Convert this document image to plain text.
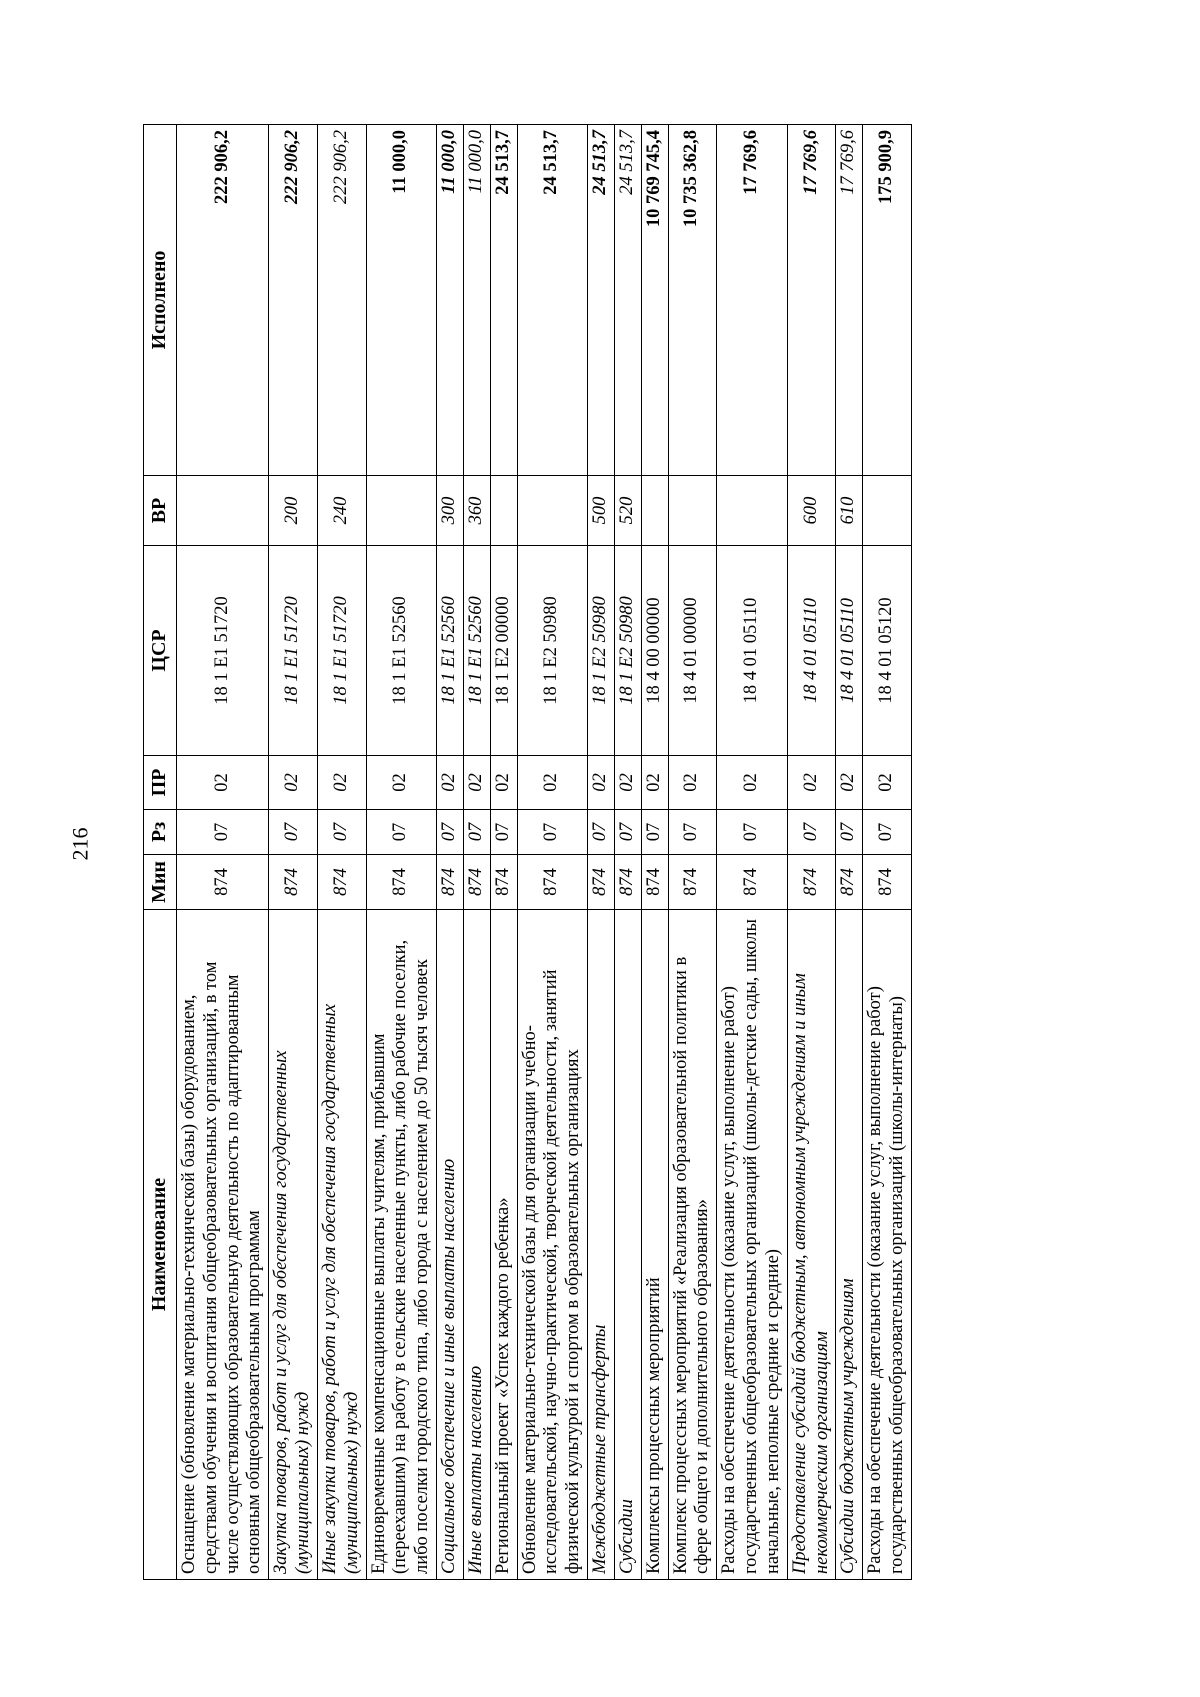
216
Наименование	Мин	Рз	ПР	ЦСР	ВР	Исполнено
Оснащение (обновление материально-технической базы) оборудованием, средствами обучения и воспитания общеобразовательных организаций, в том числе осуществляющих образовательную деятельность по адаптированным основным общеобразовательным программам	874	07	02	18 1 E1 51720		222 906,2
Закупка товаров, работ и услуг для обеспечения государственных (муниципальных) нужд	874	07	02	18 1 E1 51720	200	222 906,2
Иные закупки товаров, работ и услуг для обеспечения государственных (муниципальных) нужд	874	07	02	18 1 E1 51720	240	222 906,2
Единовременные компенсационные выплаты учителям, прибывшим (переехавшим) на работу в сельские населенные пункты, либо рабочие поселки, либо поселки городского типа, либо города с населением до 50 тысяч человек	874	07	02	18 1 E1 52560		11 000,0
Социальное обеспечение и иные выплаты населению	874	07	02	18 1 E1 52560	300	11 000,0
Иные выплаты населению	874	07	02	18 1 E1 52560	360	11 000,0
Региональный проект «Успех каждого ребенка»	874	07	02	18 1 E2 00000		24 513,7
Обновление материально-технической базы для организации учебно-исследовательской, научно-практической, творческой деятельности, занятий физической культурой и спортом в образовательных организациях	874	07	02	18 1 E2 50980		24 513,7
Межбюджетные трансферты	874	07	02	18 1 E2 50980	500	24 513,7
Субсидии	874	07	02	18 1 E2 50980	520	24 513,7
Комплексы процессных мероприятий	874	07	02	18 4 00 00000		10 769 745,4
Комплекс процессных мероприятий «Реализация образовательной политики в сфере общего и дополнительного образования»	874	07	02	18 4 01 00000		10 735 362,8
Расходы на обеспечение деятельности (оказание услуг, выполнение работ) государственных общеобразовательных организаций (школы-детские сады, школы начальные, неполные средние и средние)	874	07	02	18 4 01 05110		17 769,6
Предоставление субсидий бюджетным, автономным учреждениям и иным некоммерческим организациям	874	07	02	18 4 01 05110	600	17 769,6
Субсидии бюджетным учреждениям	874	07	02	18 4 01 05110	610	17 769,6
Расходы на обеспечение деятельности (оказание услуг, выполнение работ) государственных общеобразовательных организаций (школы-интернаты)	874	07	02	18 4 01 05120		175 900,9
